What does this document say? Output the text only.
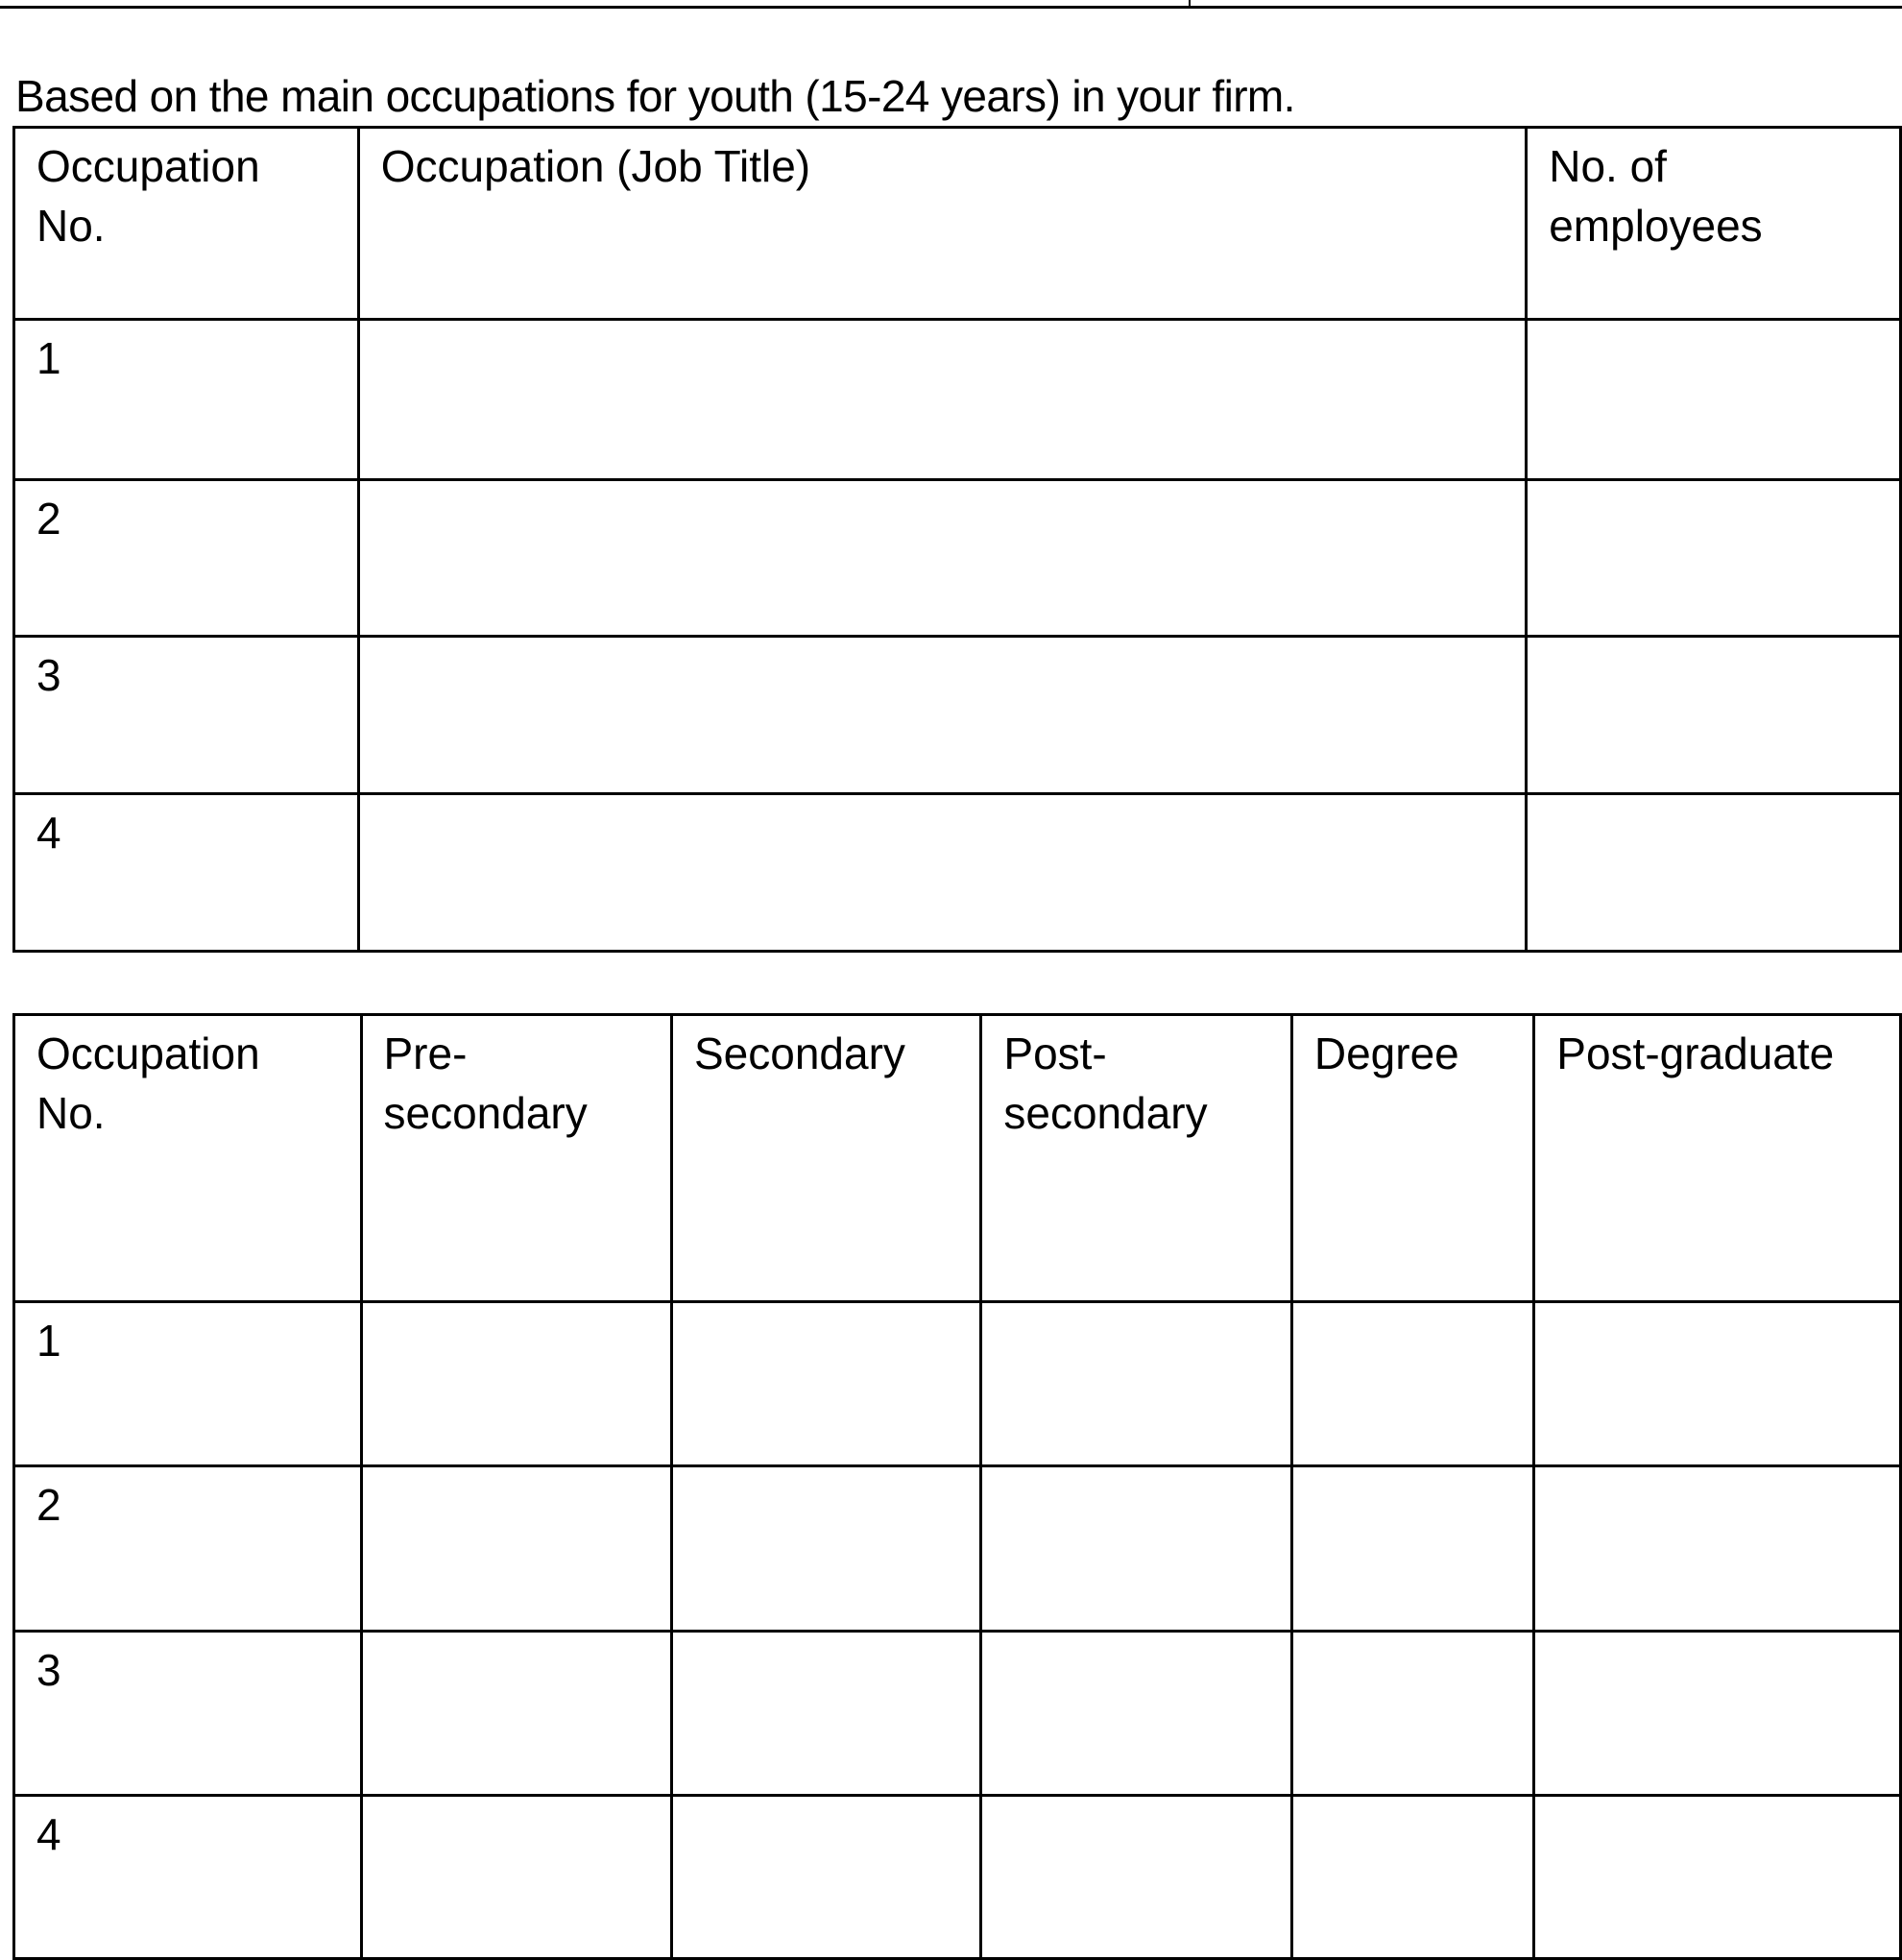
Based on the main occupations for youth (15-24 years) in your firm.
Occupation No.	Occupation (Job Title)	No. of employees
1		
2		
3		
4		
Occupation No.	Pre-secondary	Secondary	Post-secondary	Degree	Post-graduate
1					
2					
3					
4					
